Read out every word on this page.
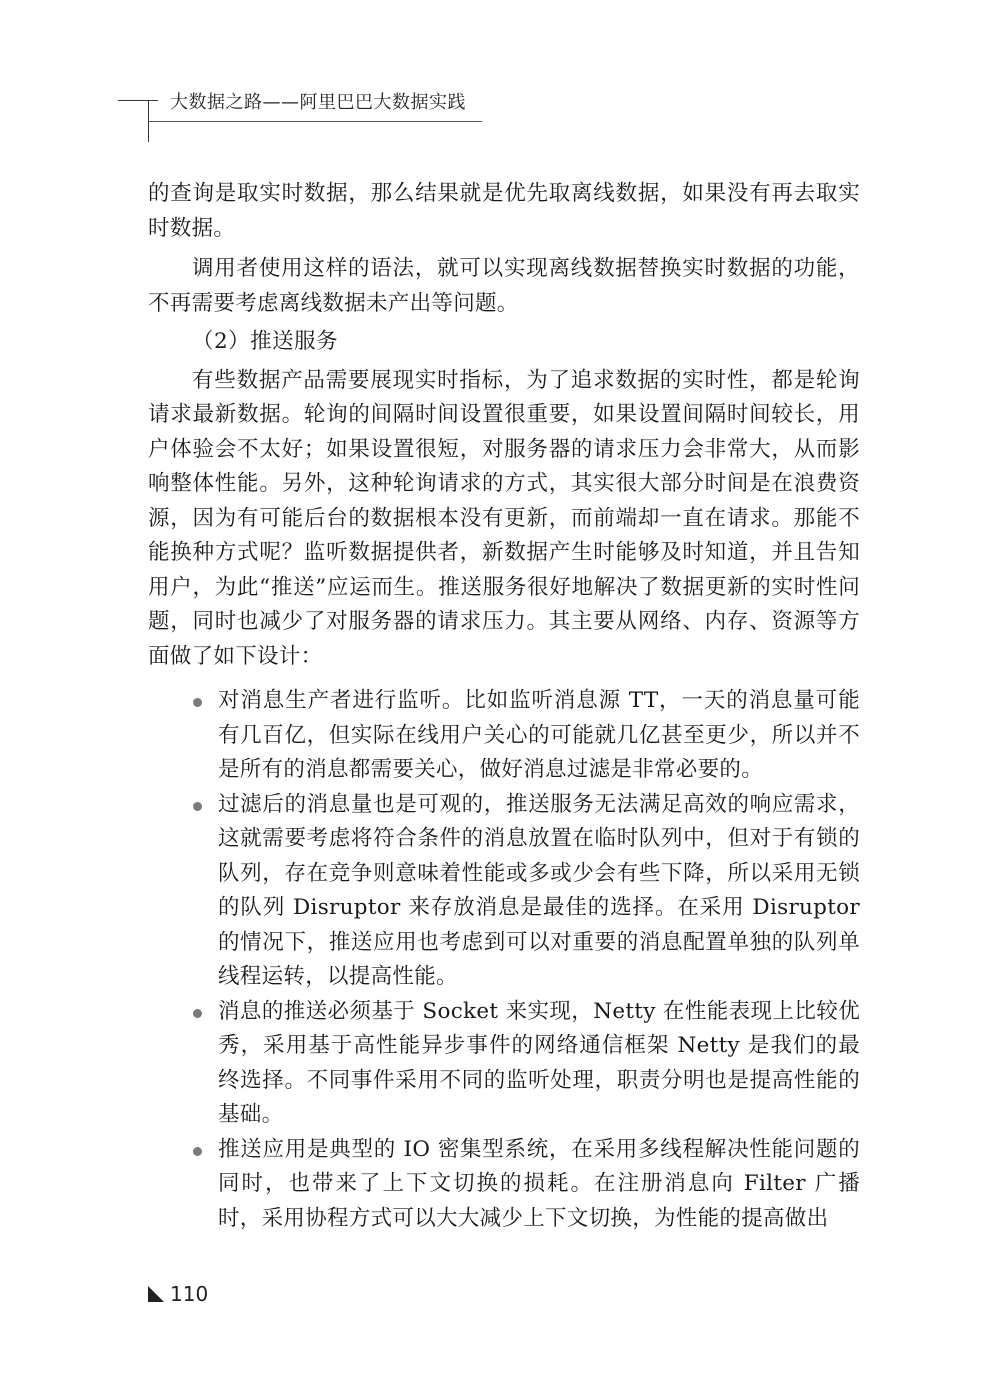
大数据之路——阿里巴巴大数据实践

的查询是取实时数据，那么结果就是优先取离线数据，如果没有再去取实时数据。

调用者使用这样的语法，就可以实现离线数据替换实时数据的功能，不再需要考虑离线数据未产出等问题。

（2）推送服务

有些数据产品需要展现实时指标，为了追求数据的实时性，都是轮询请求最新数据。轮询的间隔时间设置很重要，如果设置间隔时间较长，用户体验会不太好；如果设置很短，对服务器的请求压力会非常大，从而影响整体性能。另外，这种轮询请求的方式，其实很大部分时间是在浪费资源，因为有可能后台的数据根本没有更新，而前端却一直在请求。那能不能换种方式呢？监听数据提供者，新数据产生时能够及时知道，并且告知用户，为此“推送”应运而生。推送服务很好地解决了数据更新的实时性问题，同时也减少了对服务器的请求压力。其主要从网络、内存、资源等方面做了如下设计：

对消息生产者进行监听。比如监听消息源 TT，一天的消息量可能有几百亿，但实际在线用户关心的可能就几亿甚至更少，所以并不是所有的消息都需要关心，做好消息过滤是非常必要的。
过滤后的消息量也是可观的，推送服务无法满足高效的响应需求，这就需要考虑将符合条件的消息放置在临时队列中，但对于有锁的队列，存在竞争则意味着性能或多或少会有些下降，所以采用无锁的队列 Disruptor 来存放消息是最佳的选择。在采用 Disruptor 的情况下，推送应用也考虑到可以对重要的消息配置单独的队列单线程运转，以提高性能。
消息的推送必须基于 Socket 来实现，Netty 在性能表现上比较优秀，采用基于高性能异步事件的网络通信框架 Netty 是我们的最终选择。不同事件采用不同的监听处理，职责分明也是提高性能的基础。
推送应用是典型的 IO 密集型系统，在采用多线程解决性能问题的同时，也带来了上下文切换的损耗。在注册消息向 Filter 广播时，采用协程方式可以大大减少上下文切换，为性能的提高做出
110
